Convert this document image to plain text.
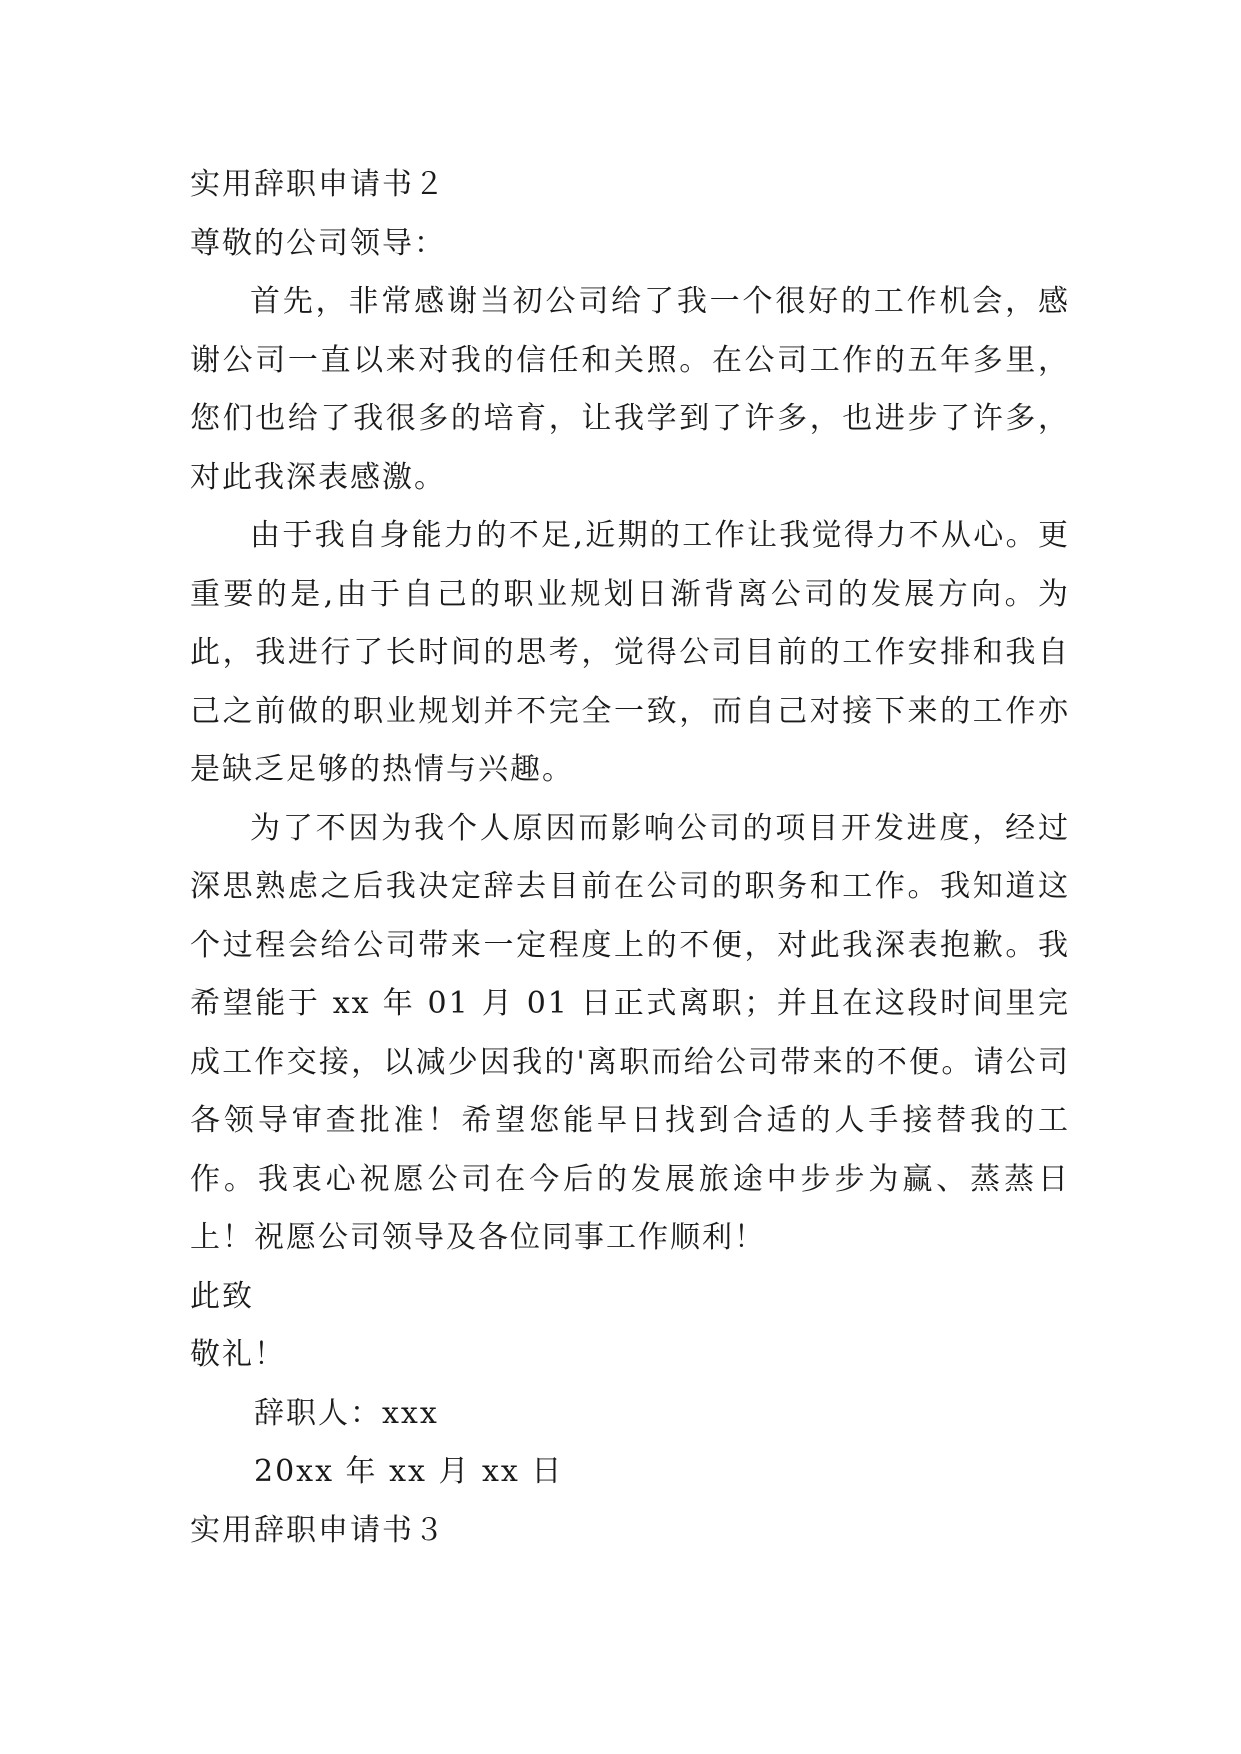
实用辞职申请书２
尊敬的公司领导：
首先，非常感谢当初公司给了我一个很好的工作机会，感谢公司一直以来对我的信任和关照。在公司工作的五年多里，您们也给了我很多的培育，让我学到了许多，也进步了许多，对此我深表感激。
由于我自身能力的不足,近期的工作让我觉得力不从心。更重要的是,由于自己的职业规划日渐背离公司的发展方向。为此，我进行了长时间的思考，觉得公司目前的工作安排和我自己之前做的职业规划并不完全一致，而自己对接下来的工作亦是缺乏足够的热情与兴趣。
为了不因为我个人原因而影响公司的项目开发进度，经过深思熟虑之后我决定辞去目前在公司的职务和工作。我知道这个过程会给公司带来一定程度上的不便，对此我深表抱歉。我希望能于 xx 年 01 月 01 日正式离职；并且在这段时间里完成工作交接，以减少因我的'离职而给公司带来的不便。请公司各领导审查批准！希望您能早日找到合适的人手接替我的工作。我衷心祝愿公司在今后的发展旅途中步步为赢、蒸蒸日上！祝愿公司领导及各位同事工作顺利！
此致
敬礼！
辞职人：xxx
20xx 年 xx 月 xx 日
实用辞职申请书３
